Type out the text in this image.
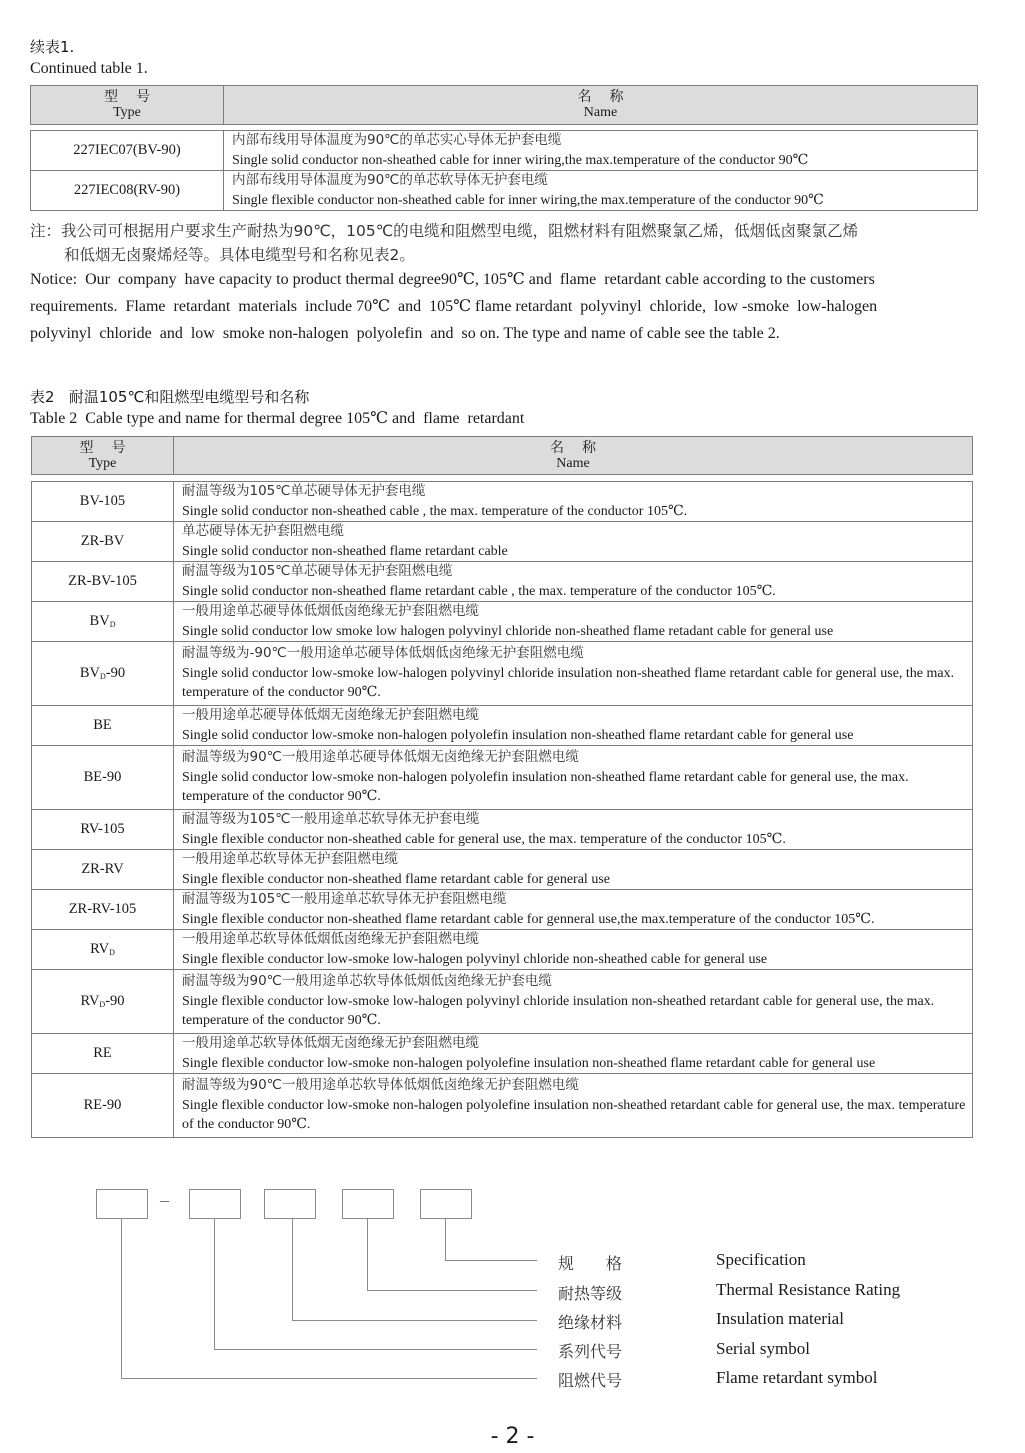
续表1.
Continued table 1.
型号
Type

名称
Name
227IEC07(BV-90)	内部布线用导体温度为90℃的单芯实心导体无护套电缆
Single solid conductor non-sheathed cable for inner wiring,the max.temperature of the conductor 90℃

227IEC08(RV-90)	内部布线用导体温度为90℃的单芯软导体无护套电缆
Single flexible conductor non-sheathed cable for inner wiring,the max.temperature of the conductor 90℃
注：我公司可根据用户要求生产耐热为90℃，105℃的电缆和阻燃型电缆，阻燃材料有阻燃聚氯乙烯，低烟低卤聚氯乙烯
和低烟无卤聚烯烃等。具体电缆型号和名称见表2。
Notice:  Our  company  have capacity to product thermal degree90℃, 105℃ and  flame  retardant cable according to the customers
requirements.  Flame  retardant  materials  include 70℃  and  105℃ flame retardant  polyvinyl  chloride,  low -smoke  low-halogen
polyvinyl  chloride  and  low  smoke non-halogen  polyolefin  and  so on. The type and name of cable see the table 2.
表2   耐温105℃和阻燃型电缆型号和名称
Table 2  Cable type and name for thermal degree 105℃ and  flame  retardant
型号
Type

名称
Name
BV-105	耐温等级为105℃单芯硬导体无护套电缆
Single solid conductor non-sheathed cable , the max. temperature of the conductor 105℃.

ZR-BV	单芯硬导体无护套阻燃电缆
Single solid conductor non-sheathed flame retardant cable

ZR-BV-105	耐温等级为105℃单芯硬导体无护套阻燃电缆
Single solid conductor non-sheathed flame retardant cable , the max. temperature of the conductor 105℃.

$BV_D$	一般用途单芯硬导体低烟低卤绝缘无护套阻燃电缆
Single solid conductor low smoke low halogen polyvinyl chloride non-sheathed flame retadant cable for general use

$BV_D-90$	耐温等级为-90℃一般用途单芯硬导体低烟低卤绝缘无护套阻燃电缆
Single solid conductor low-smoke low-halogen polyvinyl chloride insulation non-sheathed flame retardant cable for general use, the max. temperature of the conductor 90℃.

BE	一般用途单芯硬导体低烟无卤绝缘无护套阻燃电缆
Single solid conductor low-smoke non-halogen polyolefin insulation non-sheathed flame retardant cable for general use

BE-90	耐温等级为90℃一般用途单芯硬导体低烟无卤绝缘无护套阻燃电缆
Single solid conductor low-smoke non-halogen polyolefin insulation non-sheathed flame retardant cable for general use, the max. temperature of the conductor 90℃.

RV-105	耐温等级为105℃一般用途单芯软导体无护套电缆
Single flexible conductor non-sheathed cable for general use, the max. temperature of the conductor 105℃.

ZR-RV	一般用途单芯软导体无护套阻燃电缆
Single flexible conductor non-sheathed flame retardant cable for general use

ZR-RV-105	耐温等级为105℃一般用途单芯软导体无护套阻燃电缆
Single flexible conductor non-sheathed flame retardant cable for genneral use,the max.temperature of the conductor 105℃.

$RV_D$	一般用途单芯软导体低烟低卤绝缘无护套阻燃电缆
Single flexible conductor low-smoke low-halogen polyvinyl chloride non-sheathed cable for general use

$RV_D-90$	耐温等级为90℃一般用途单芯软导体低烟低卤绝缘无护套电缆
Single flexible conductor low-smoke low-halogen polyvinyl chloride insulation non-sheathed retardant cable for general use, the max. temperature of the conductor 90℃.

RE	一般用途单芯软导体低烟无卤绝缘无护套阻燃电缆
Single flexible conductor low-smoke non-halogen polyolefine insulation non-sheathed flame retardant cable for general use

RE-90	耐温等级为90℃一般用途单芯软导体低烟低卤绝缘无护套阻燃电缆
Single flexible conductor low-smoke non-halogen polyolefine insulation non-sheathed retardant cable for general use, the max. temperature of the conductor 90℃.
–
规　　格	Specification
耐热等级	Thermal Resistance Rating
绝缘材料	Insulation material
系列代号	Serial symbol
阻燃代号	Flame retardant symbol
- 2 -
